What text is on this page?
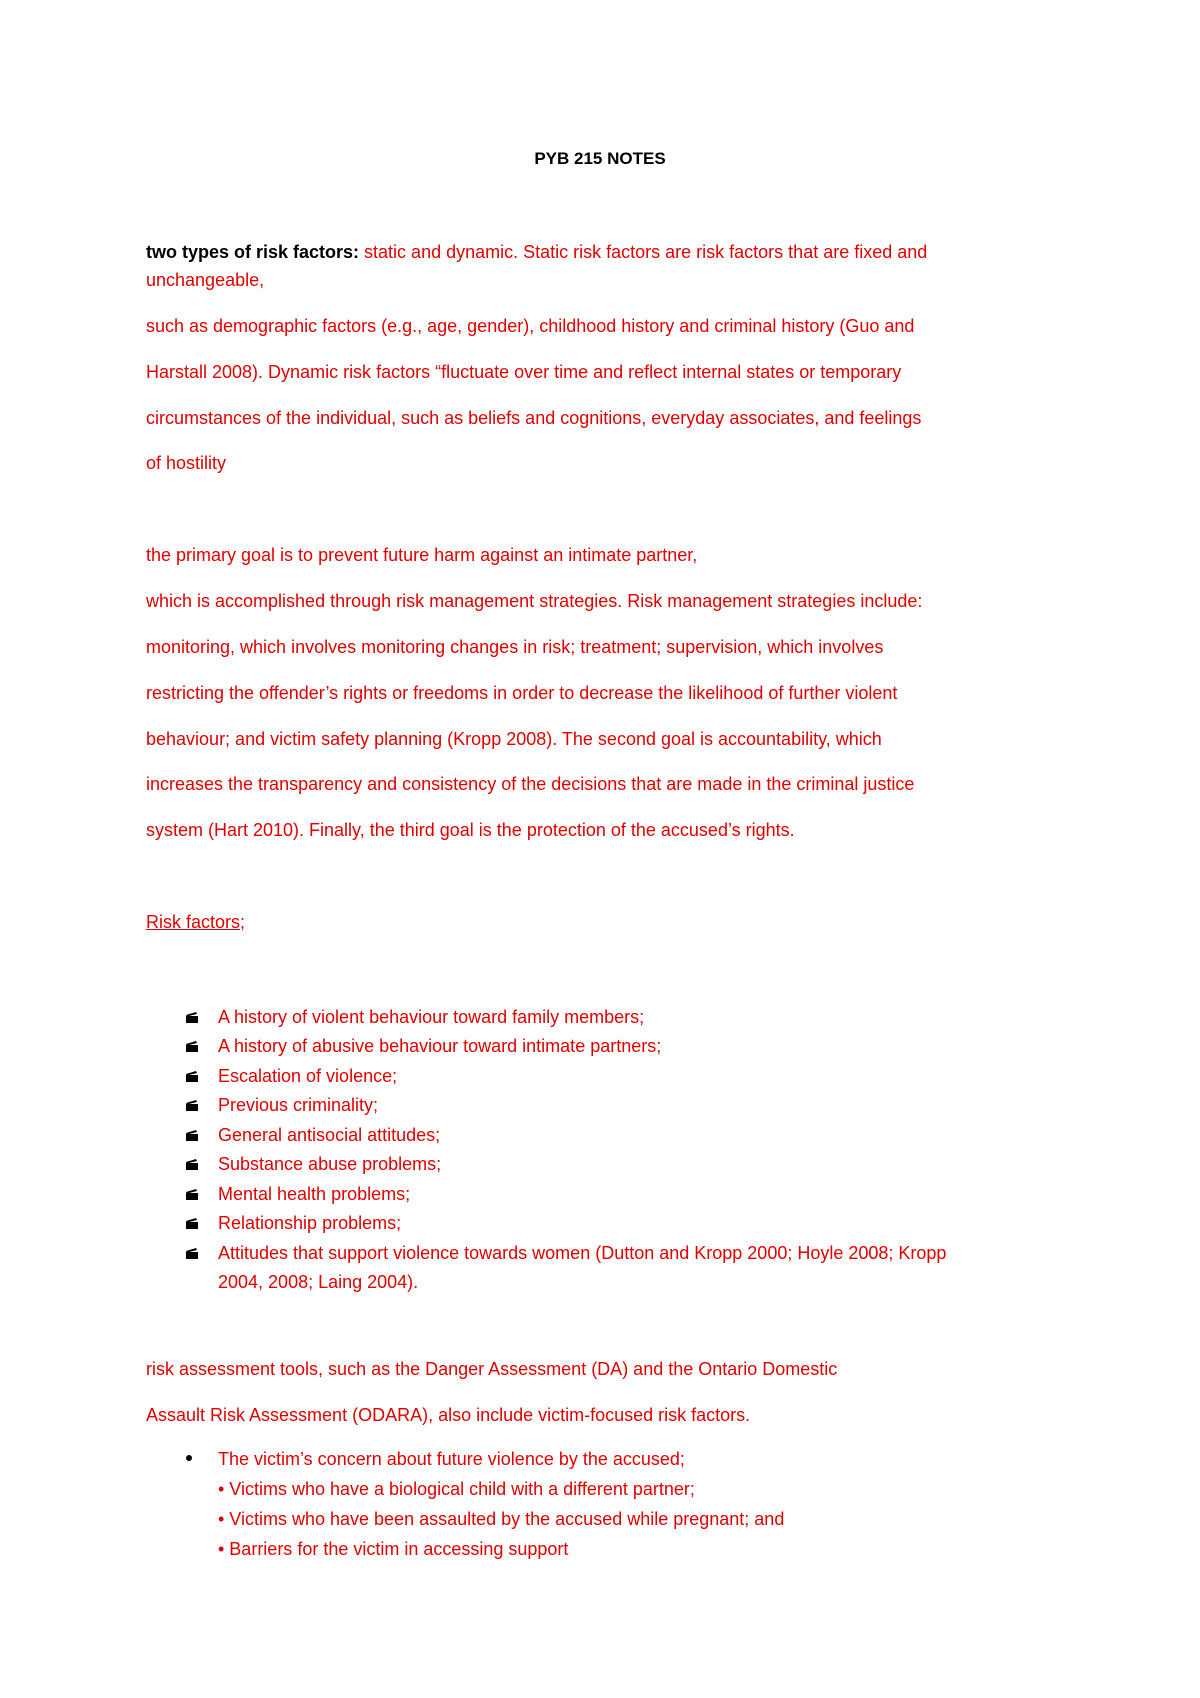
PYB 215 NOTES
two types of risk factors: static and dynamic. Static risk factors are risk factors that are fixed and
unchangeable,
such as demographic factors (e.g., age, gender), childhood history and criminal history (Guo and
Harstall 2008). Dynamic risk factors “fluctuate over time and reflect internal states or temporary
circumstances of the individual, such as beliefs and cognitions, everyday associates, and feelings
of hostility
the primary goal is to prevent future harm against an intimate partner,
which is accomplished through risk management strategies. Risk management strategies include:
monitoring, which involves monitoring changes in risk; treatment; supervision, which involves
restricting the offender’s rights or freedoms in order to decrease the likelihood of further violent
behaviour; and victim safety planning (Kropp 2008). The second goal is accountability, which
increases the transparency and consistency of the decisions that are made in the criminal justice
system (Hart 2010). Finally, the third goal is the protection of the accused’s rights.
Risk factors;
A history of violent behaviour toward family members;
A history of abusive behaviour toward intimate partners;
Escalation of violence;
Previous criminality;
General antisocial attitudes;
Substance abuse problems;
Mental health problems;
Relationship problems;
Attitudes that support violence towards women (Dutton and Kropp 2000; Hoyle 2008; Kropp
2004, 2008; Laing 2004).
risk assessment tools, such as the Danger Assessment (DA) and the Ontario Domestic
Assault Risk Assessment (ODARA), also include victim-focused risk factors.
The victim’s concern about future violence by the accused;
• Victims who have a biological child with a different partner;
• Victims who have been assaulted by the accused while pregnant; and
• Barriers for the victim in accessing support
